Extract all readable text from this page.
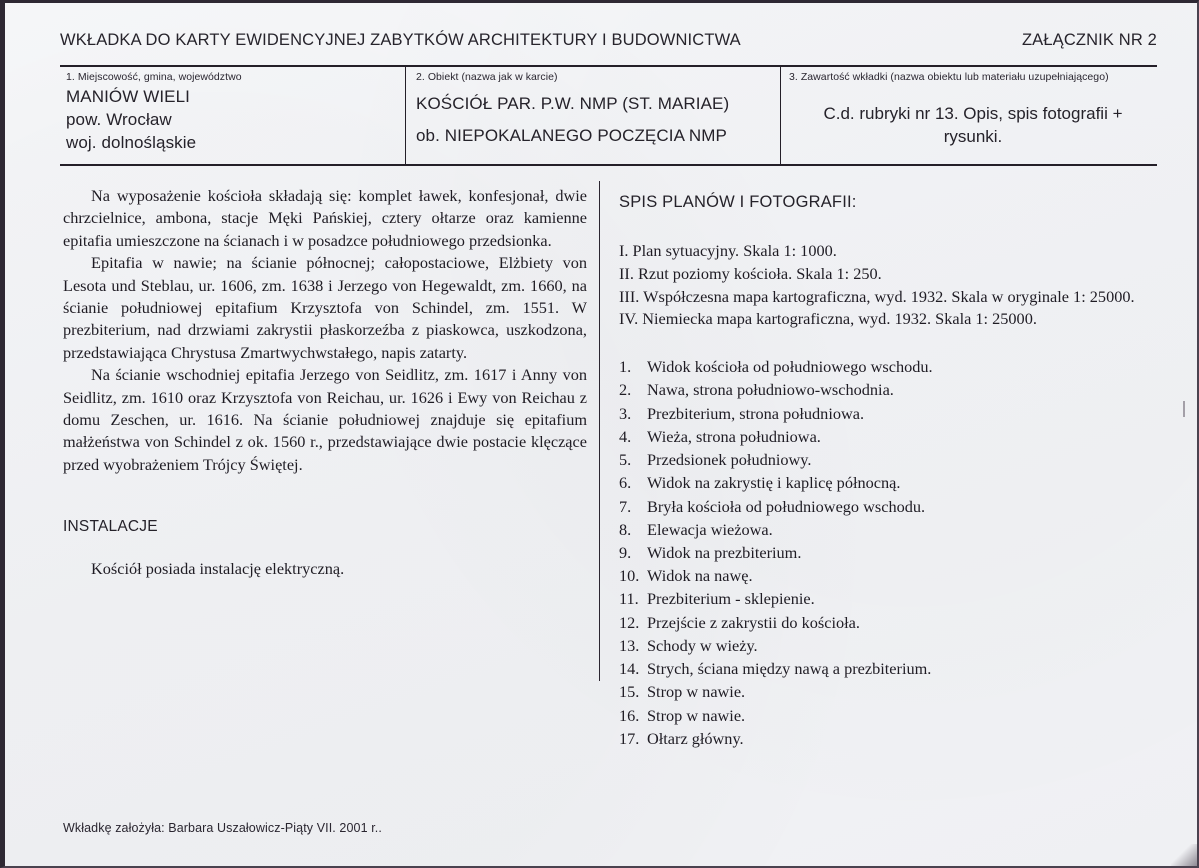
WKŁADKA DO KARTY EWIDENCYJNEJ ZABYTKÓW ARCHITEKTURY I BUDOWNICTWA	ZAŁĄCZNIK NR 2
1. Miejscowość, gmina, województwo
MANIÓW WIELI
pow. Wrocław
woj. dolnośląskie
2. Obiekt (nazwa jak w karcie)
KOŚCIÓŁ PAR. P.W. NMP (ST. MARIAE)
ob. NIEPOKALANEGO POCZĘCIA NMP
3. Zawartość wkładki (nazwa obiektu lub materiału uzupełniającego)
C.d. rubryki nr 13. Opis, spis fotografii + rysunki.

Na wyposażenie kościoła składają się: komplet ławek, konfesjonał, dwie chrzcielnice, ambona, stacje Męki Pańskiej, cztery ołtarze oraz kamienne epitafia umieszczone na ścianach i w posadzce południowego przedsionka.

Epitafia w nawie; na ścianie północnej; całopostaciowe, Elżbiety von Lesota und Steblau, ur. 1606, zm. 1638 i Jerzego von Hegewaldt, zm. 1660, na ścianie południowej epitafium Krzysztofa von Schindel, zm. 1551. W prezbiterium, nad drzwiami zakrystii płaskorzeźba z piaskowca, uszkodzona, przedstawiająca Chrystusa Zmartwychwstałego, napis zatarty.

Na ścianie wschodniej epitafia Jerzego von Seidlitz, zm. 1617 i Anny von Seidlitz, zm. 1610 oraz Krzysztofa von Reichau, ur. 1626 i Ewy von Reichau z domu Zeschen, ur. 1616. Na ścianie południowej znajduje się epitafium małżeństwa von Schindel z ok. 1560 r., przedstawiające dwie postacie klęczące przed wyobrażeniem Trójcy Świętej.

INSTALACJE
Kościół posiada instalację elektryczną.
SPIS PLANÓW I FOTOGRAFII:
I. Plan sytuacyjny. Skala 1: 1000.
II. Rzut poziomy kościoła. Skala 1: 250.
III. Współczesna mapa kartograficzna, wyd. 1932. Skala w oryginale 1: 25000.
IV. Niemiecka mapa kartograficzna, wyd. 1932. Skala 1: 25000.
1. Widok kościoła od południowego wschodu.
2. Nawa, strona południowo-wschodnia.
3. Prezbiterium, strona południowa.
4. Wieża, strona południowa.
5. Przedsionek południowy.
6. Widok na zakrystię i kaplicę północną.
7. Bryła kościoła od południowego wschodu.
8. Elewacja wieżowa.
9. Widok na prezbiterium.
10. Widok na nawę.
11. Prezbiterium - sklepienie.
12. Przejście z zakrystii do kościoła.
13. Schody w wieży.
14. Strych, ściana między nawą a prezbiterium.
15. Strop w nawie.
16. Strop w nawie.
17. Ołtarz główny.
Wkładkę założyła: Barbara Uszałowicz-Piąty VII. 2001 r..
